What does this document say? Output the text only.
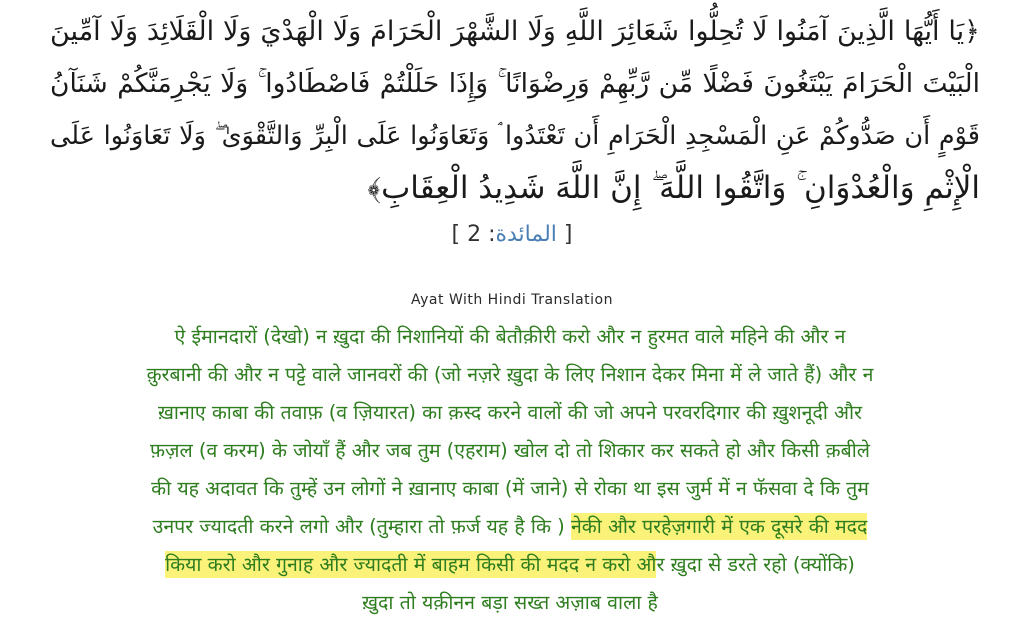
﴿يَا أَيُّهَا الَّذِينَ آمَنُوا لَا تُحِلُّوا شَعَائِرَ اللَّهِ وَلَا الشَّهْرَ الْحَرَامَ وَلَا الْهَدْيَ وَلَا الْقَلَائِدَ وَلَا آمِّينَ
الْبَيْتَ الْحَرَامَ يَبْتَغُونَ فَضْلًا مِّن رَّبِّهِمْ وَرِضْوَانًا ۚ وَإِذَا حَلَلْتُمْ فَاصْطَادُوا ۚ وَلَا يَجْرِمَنَّكُمْ شَنَآنُ
قَوْمٍ أَن صَدُّوكُمْ عَنِ الْمَسْجِدِ الْحَرَامِ أَن تَعْتَدُوا ۘ وَتَعَاوَنُوا عَلَى الْبِرِّ وَالتَّقْوَىٰ ۖ وَلَا تَعَاوَنُوا عَلَى
الْإِثْمِ وَالْعُدْوَانِ ۚ وَاتَّقُوا اللَّهَ ۖ إِنَّ اللَّهَ شَدِيدُ الْعِقَابِ﴾
[ المائدة: 2 ]
Ayat With Hindi Translation
ऐ ईमानदारों (देखो) न ख़ुदा की निशानियों की बेतौक़ीरी करो और न हुरमत वाले महिने की और न
क़ुरबानी की और न पट्टे वाले जानवरों की (जो नज़रे ख़ुदा के लिए निशान देकर मिना में ले जाते हैं) और न
ख़ानाए काबा की तवाफ़ (व ज़ियारत) का क़स्द करने वालों की जो अपने परवरदिगार की ख़ुशनूदी और
फ़ज़ल (व करम) के जोयाँ हैं और जब तुम (एहराम) खोल दो तो शिकार कर सकते हो और किसी क़बीले
की यह अदावत कि तुम्हें उन लोगों ने ख़ानाए काबा (में जाने) से रोका था इस जुर्म में न फॅसवा दे कि तुम
उनपर ज्यादती करने लगो और (तुम्हारा तो फ़र्ज यह है कि ) नेकी और परहेज़गारी में एक दूसरे की मदद
किया करो और गुनाह और ज्यादती में बाहम किसी की मदद न करो और ख़ुदा से डरते रहो (क्योंकि)
ख़ुदा तो यक़ीनन बड़ा सख्त अज़ाब वाला है
